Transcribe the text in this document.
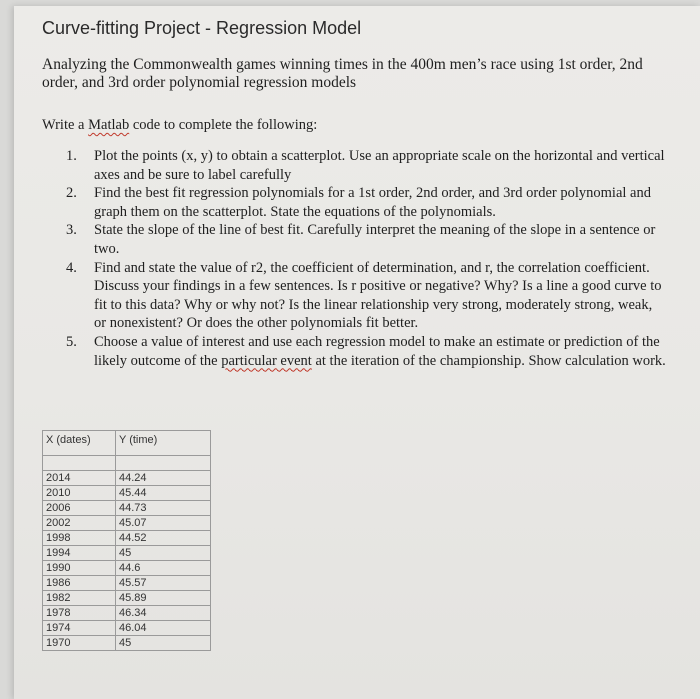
Curve-fitting Project - Regression Model

Analyzing the Commonwealth games winning times in the 400m men’s race using 1st order, 2nd order, and 3rd order polynomial regression models

Write a Matlab code to complete the following:

1. Plot the points (x, y) to obtain a scatterplot. Use an appropriate scale on the horizontal and vertical axes and be sure to label carefully
2. Find the best fit regression polynomials for a 1st order, 2nd order, and 3rd order polynomial and graph them on the scatterplot. State the equations of the polynomials.
3. State the slope of the line of best fit. Carefully interpret the meaning of the slope in a sentence or two.
4. Find and state the value of r2, the coefficient of determination, and r, the correlation coefficient. Discuss your findings in a few sentences. Is r positive or negative? Why? Is a line a good curve to fit to this data? Why or why not? Is the linear relationship very strong, moderately strong, weak, or nonexistent? Or does the other polynomials fit better.
5. Choose a value of interest and use each regression model to make an estimate or prediction of the likely outcome of the particular event at the iteration of the championship. Show calculation work.
X (dates)	Y (time)

2014	44.24
2010	45.44
2006	44.73
2002	45.07
1998	44.52
1994	45
1990	44.6
1986	45.57
1982	45.89
1978	46.34
1974	46.04
1970	45
